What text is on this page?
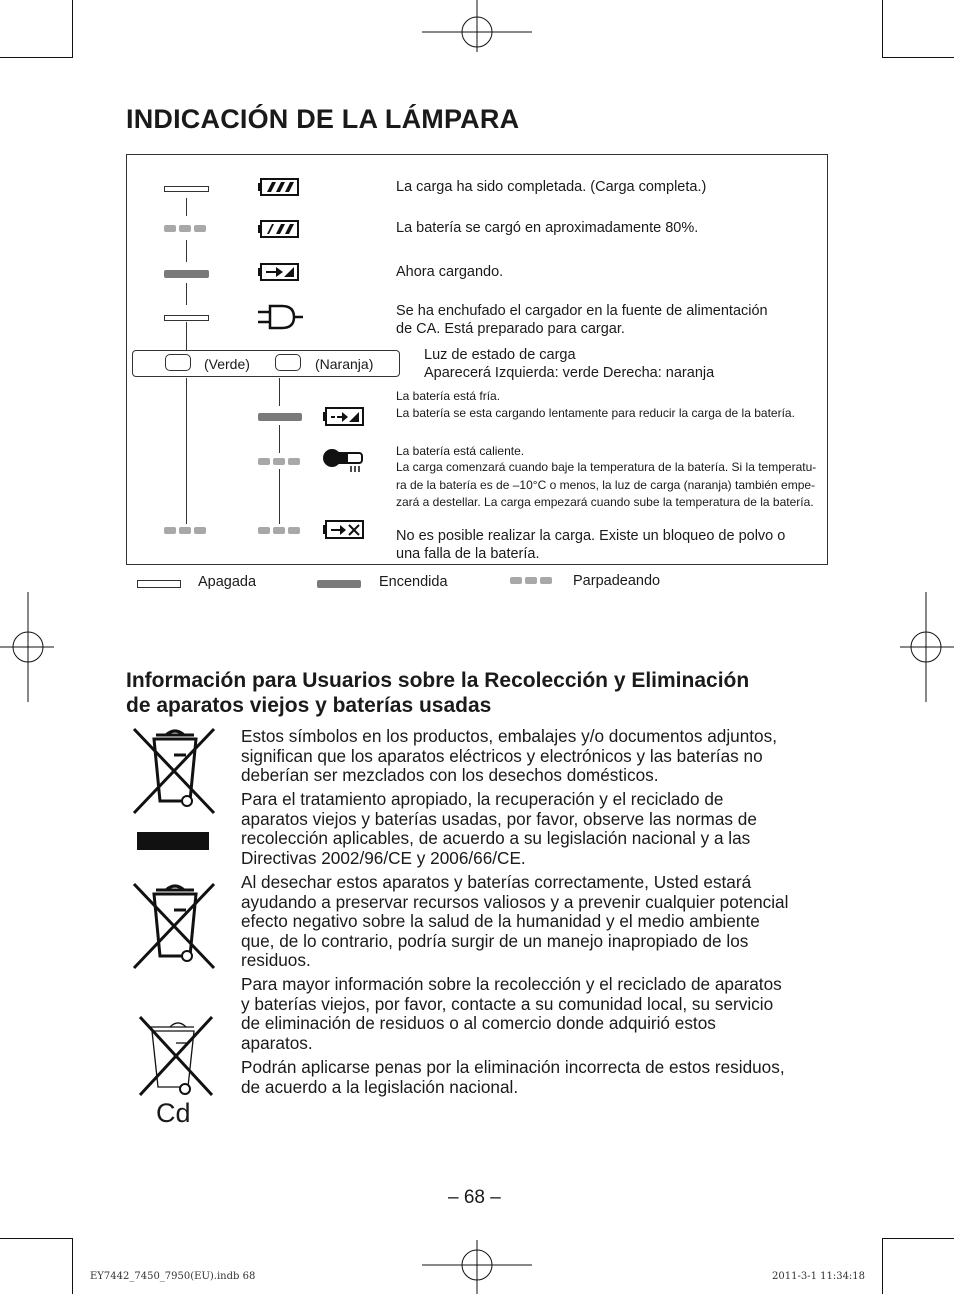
INDICACIÓN DE LA LÁMPARA
La carga ha sido completada. (Carga completa.)
La batería se cargó en aproximadamente 80%.
Ahora cargando.
Se ha enchufado el cargador en la fuente de alimentación
de CA. Está preparado para cargar.
(Verde)	(Naranja)
Luz de estado de carga
Aparecerá Izquierda: verde Derecha: naranja
La batería está fría.
La batería se esta cargando lentamente para reducir la carga de la batería.
La batería está caliente.
La carga comenzará cuando baje la temperatura de la batería. Si la temperatu-
ra de la batería es de –10°C o menos, la luz de carga (naranja) también empe-
zará a destellar. La carga empezará cuando sube la temperatura de la batería.
No es posible realizar la carga. Existe un bloqueo de polvo o
una falla de la batería.
Apagada	Encendida	Parpadeando
Información para Usuarios sobre la Recolección y Eliminación
de aparatos viejos y baterías usadas
Cd
Estos símbolos en los productos, embalajes y/o documentos adjuntos,
significan que los aparatos eléctricos y electrónicos y las baterías no
deberían ser mezclados con los desechos domésticos.
Para el tratamiento apropiado, la recuperación y el reciclado de
aparatos viejos y baterías usadas, por favor, observe las normas de
recolección aplicables, de acuerdo a su legislación nacional y a las
Directivas 2002/96/CE y 2006/66/CE.
Al desechar estos aparatos y baterías correctamente, Usted estará
ayudando a preservar recursos valiosos y a prevenir cualquier potencial
efecto negativo sobre la salud de la humanidad y el medio ambiente
que, de lo contrario, podría surgir de un manejo inapropiado de los
residuos.
Para mayor información sobre la recolección y el reciclado de aparatos
y baterías viejos, por favor, contacte a su comunidad local, su servicio
de eliminación de residuos o al comercio donde adquirió estos
aparatos.
Podrán aplicarse penas por la eliminación incorrecta de estos residuos,
de acuerdo a la legislación nacional.
– 68 –
EY7442_7450_7950(EU).indb 68	2011-3-1 11:34:18
